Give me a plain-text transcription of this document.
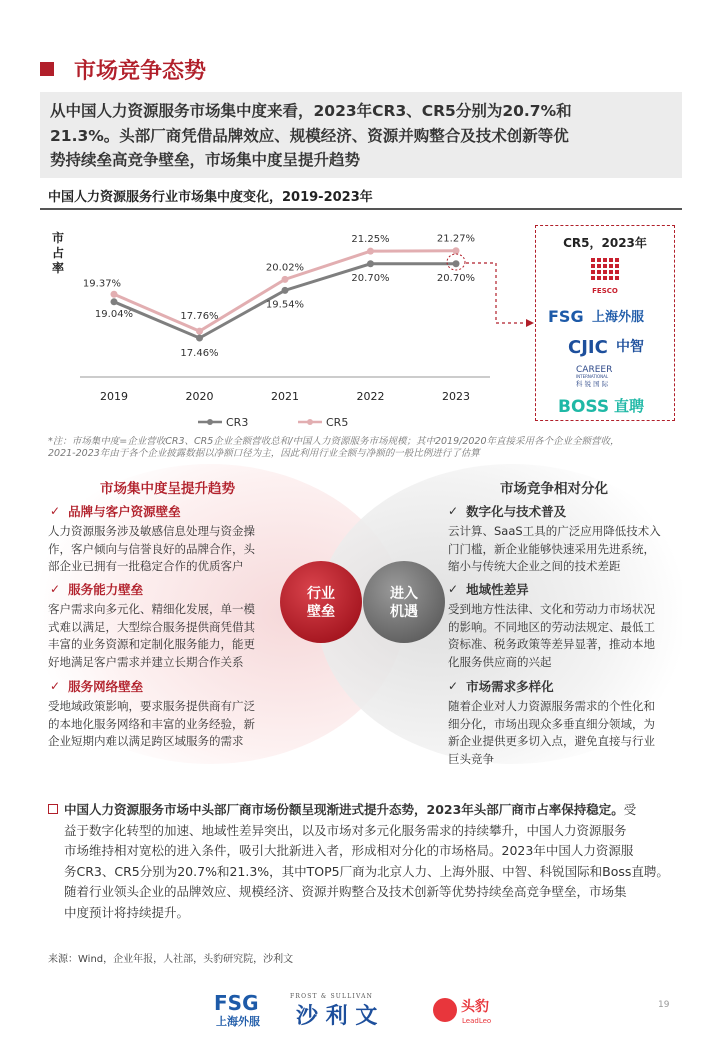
市场竞争态势
从中国人力资源服务市场集中度来看，2023年CR3、CR5分别为20.7%和
21.3%。头部厂商凭借品牌效应、规模经济、资源并购整合及技术创新等优
势持续垒高竞争壁垒，市场集中度呈提升趋势
中国人力资源服务行业市场集中度变化，2019-2023年
市占率
19.37%
17.76%
20.02%
21.25%	21.27%
19.04%
17.46%
19.54%
20.70%	20.70%
2019	2020	2021	2022	2023
CR3	CR5
CR5，2023年
FESCO
FSG 上海外服
CJIC 中智
CAREER
INTERNATIONAL
科 锐 国 际
BOSS 直聘
*注：市场集中度=企业营收CR3、CR5企业全额营收总和/中国人力资源服务市场规模；其中2019/2020年直接采用各个企业全额营收，
2021-2023年由于各个企业披露数据以净额口径为主，因此利用行业全额与净额的一般比例进行了估算
市场集中度呈提升趋势	市场竞争相对分化
行业
壁垒
进入
机遇
✓ 品牌与客户资源壁垒
人力资源服务涉及敏感信息处理与资金操
作，客户倾向与信誉良好的品牌合作，头
部企业已拥有一批稳定合作的优质客户
✓ 服务能力壁垒
客户需求向多元化、精细化发展，单一模
式难以满足，大型综合服务提供商凭借其
丰富的业务资源和定制化服务能力，能更
好地满足客户需求并建立长期合作关系
✓ 服务网络壁垒
受地域政策影响，要求服务提供商有广泛
的本地化服务网络和丰富的业务经验，新
企业短期内难以满足跨区域服务的需求
✓ 数字化与技术普及
云计算、SaaS工具的广泛应用降低技术入
门门槛，新企业能够快速采用先进系统，
缩小与传统大企业之间的技术差距
✓ 地域性差异
受到地方性法律、文化和劳动力市场状况
的影响。不同地区的劳动法规定、最低工
资标准、税务政策等差异显著，推动本地
化服务供应商的兴起
✓ 市场需求多样化
随着企业对人力资源服务需求的个性化和
细分化，市场出现众多垂直细分领域，为
新企业提供更多切入点，避免直接与行业
巨头竞争
中国人力资源服务市场中头部厂商市场份额呈现渐进式提升态势，2023年头部厂商市占率保持稳定。受
益于数字化转型的加速、地域性差异突出，以及市场对多元化服务需求的持续攀升，中国人力资源服务
市场维持相对宽松的进入条件，吸引大批新进入者，形成相对分化的市场格局。2023年中国人力资源服
务CR3、CR5分别为20.7%和21.3%，其中TOP5厂商为北京人力、上海外服、中智、科锐国际和Boss直聘。
随着行业领头企业的品牌效应、规模经济、资源并购整合及技术创新等优势持续垒高竞争壁垒，市场集
中度预计将持续提升。
来源：Wind，企业年报，人社部，头豹研究院，沙利文
FSG
上海外服
FROST & SULLIVAN
沙 利 文	头豹
LeadLeo
19
